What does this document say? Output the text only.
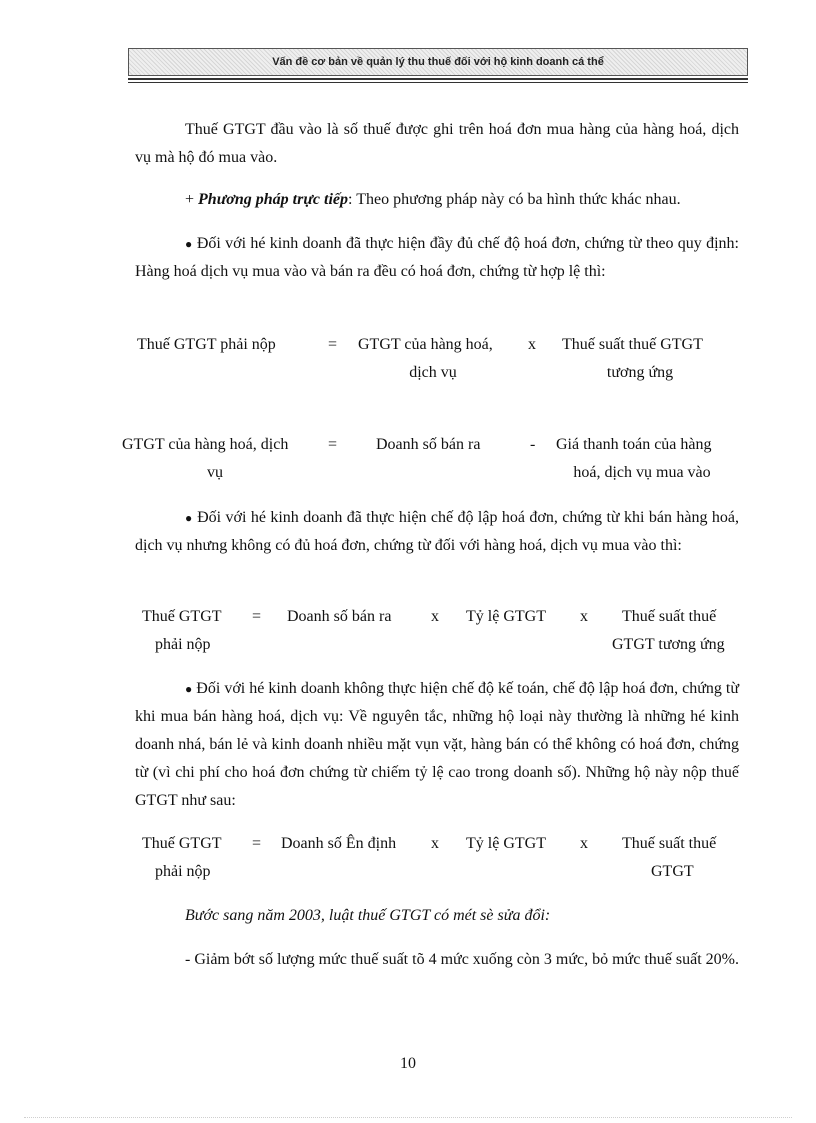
Vấn đề cơ bản về quản lý thu thuế đối với hộ kinh doanh cá thể

Thuế GTGT đầu vào là số thuế được ghi trên hoá đơn mua hàng của hàng hoá, dịch vụ mà hộ đó mua vào.

+ Phương pháp trực tiếp: Theo phương pháp này có ba hình thức khác nhau.

● Đối với hé kinh doanh đã thực hiện đầy đủ chế độ hoá đơn, chứng từ theo quy định: Hàng hoá dịch vụ mua vào và bán ra đều có hoá đơn, chứng từ hợp lệ thì:

Thuế GTGT phải nộp	= GTGT của hàng hoá,
dịch vụ
x Thuế suất thuế GTGT
tương ứng
GTGT của hàng hoá, dịch
vụ
= Doanh số bán ra	- Giá thanh toán của hàng
hoá, dịch vụ mua vào

● Đối với hé kinh doanh đã thực hiện chế độ lập hoá đơn, chứng từ khi bán hàng hoá, dịch vụ nhưng không có đủ hoá đơn, chứng từ đối với hàng hoá, dịch vụ mua vào thì:

Thuế GTGT
phải nộp
= Doanh số bán ra x Tỷ lệ GTGT x Thuế suất thuế
GTGT tương ứng

● Đối với hé kinh doanh không thực hiện chế độ kế toán, chế độ lập hoá đơn, chứng từ khi mua bán hàng hoá, dịch vụ: Về nguyên tắc, những hộ loại này thường là những hé kinh doanh nhá, bán lẻ và kinh doanh nhiều mặt vụn vặt, hàng bán có thể không có hoá đơn, chứng từ (vì chi phí cho hoá đơn chứng từ chiếm tỷ lệ cao trong doanh số). Những hộ này nộp thuế GTGT như sau:

Thuế GTGT
phải nộp
= Doanh số Ên định x Tỷ lệ GTGT x Thuế suất thuế
GTGT

Bước sang năm 2003, luật thuế GTGT có mét sè sửa đổi:

- Giảm bớt số lượng mức thuế suất tõ 4 mức xuống còn 3 mức, bỏ mức thuế suất 20%.

10
